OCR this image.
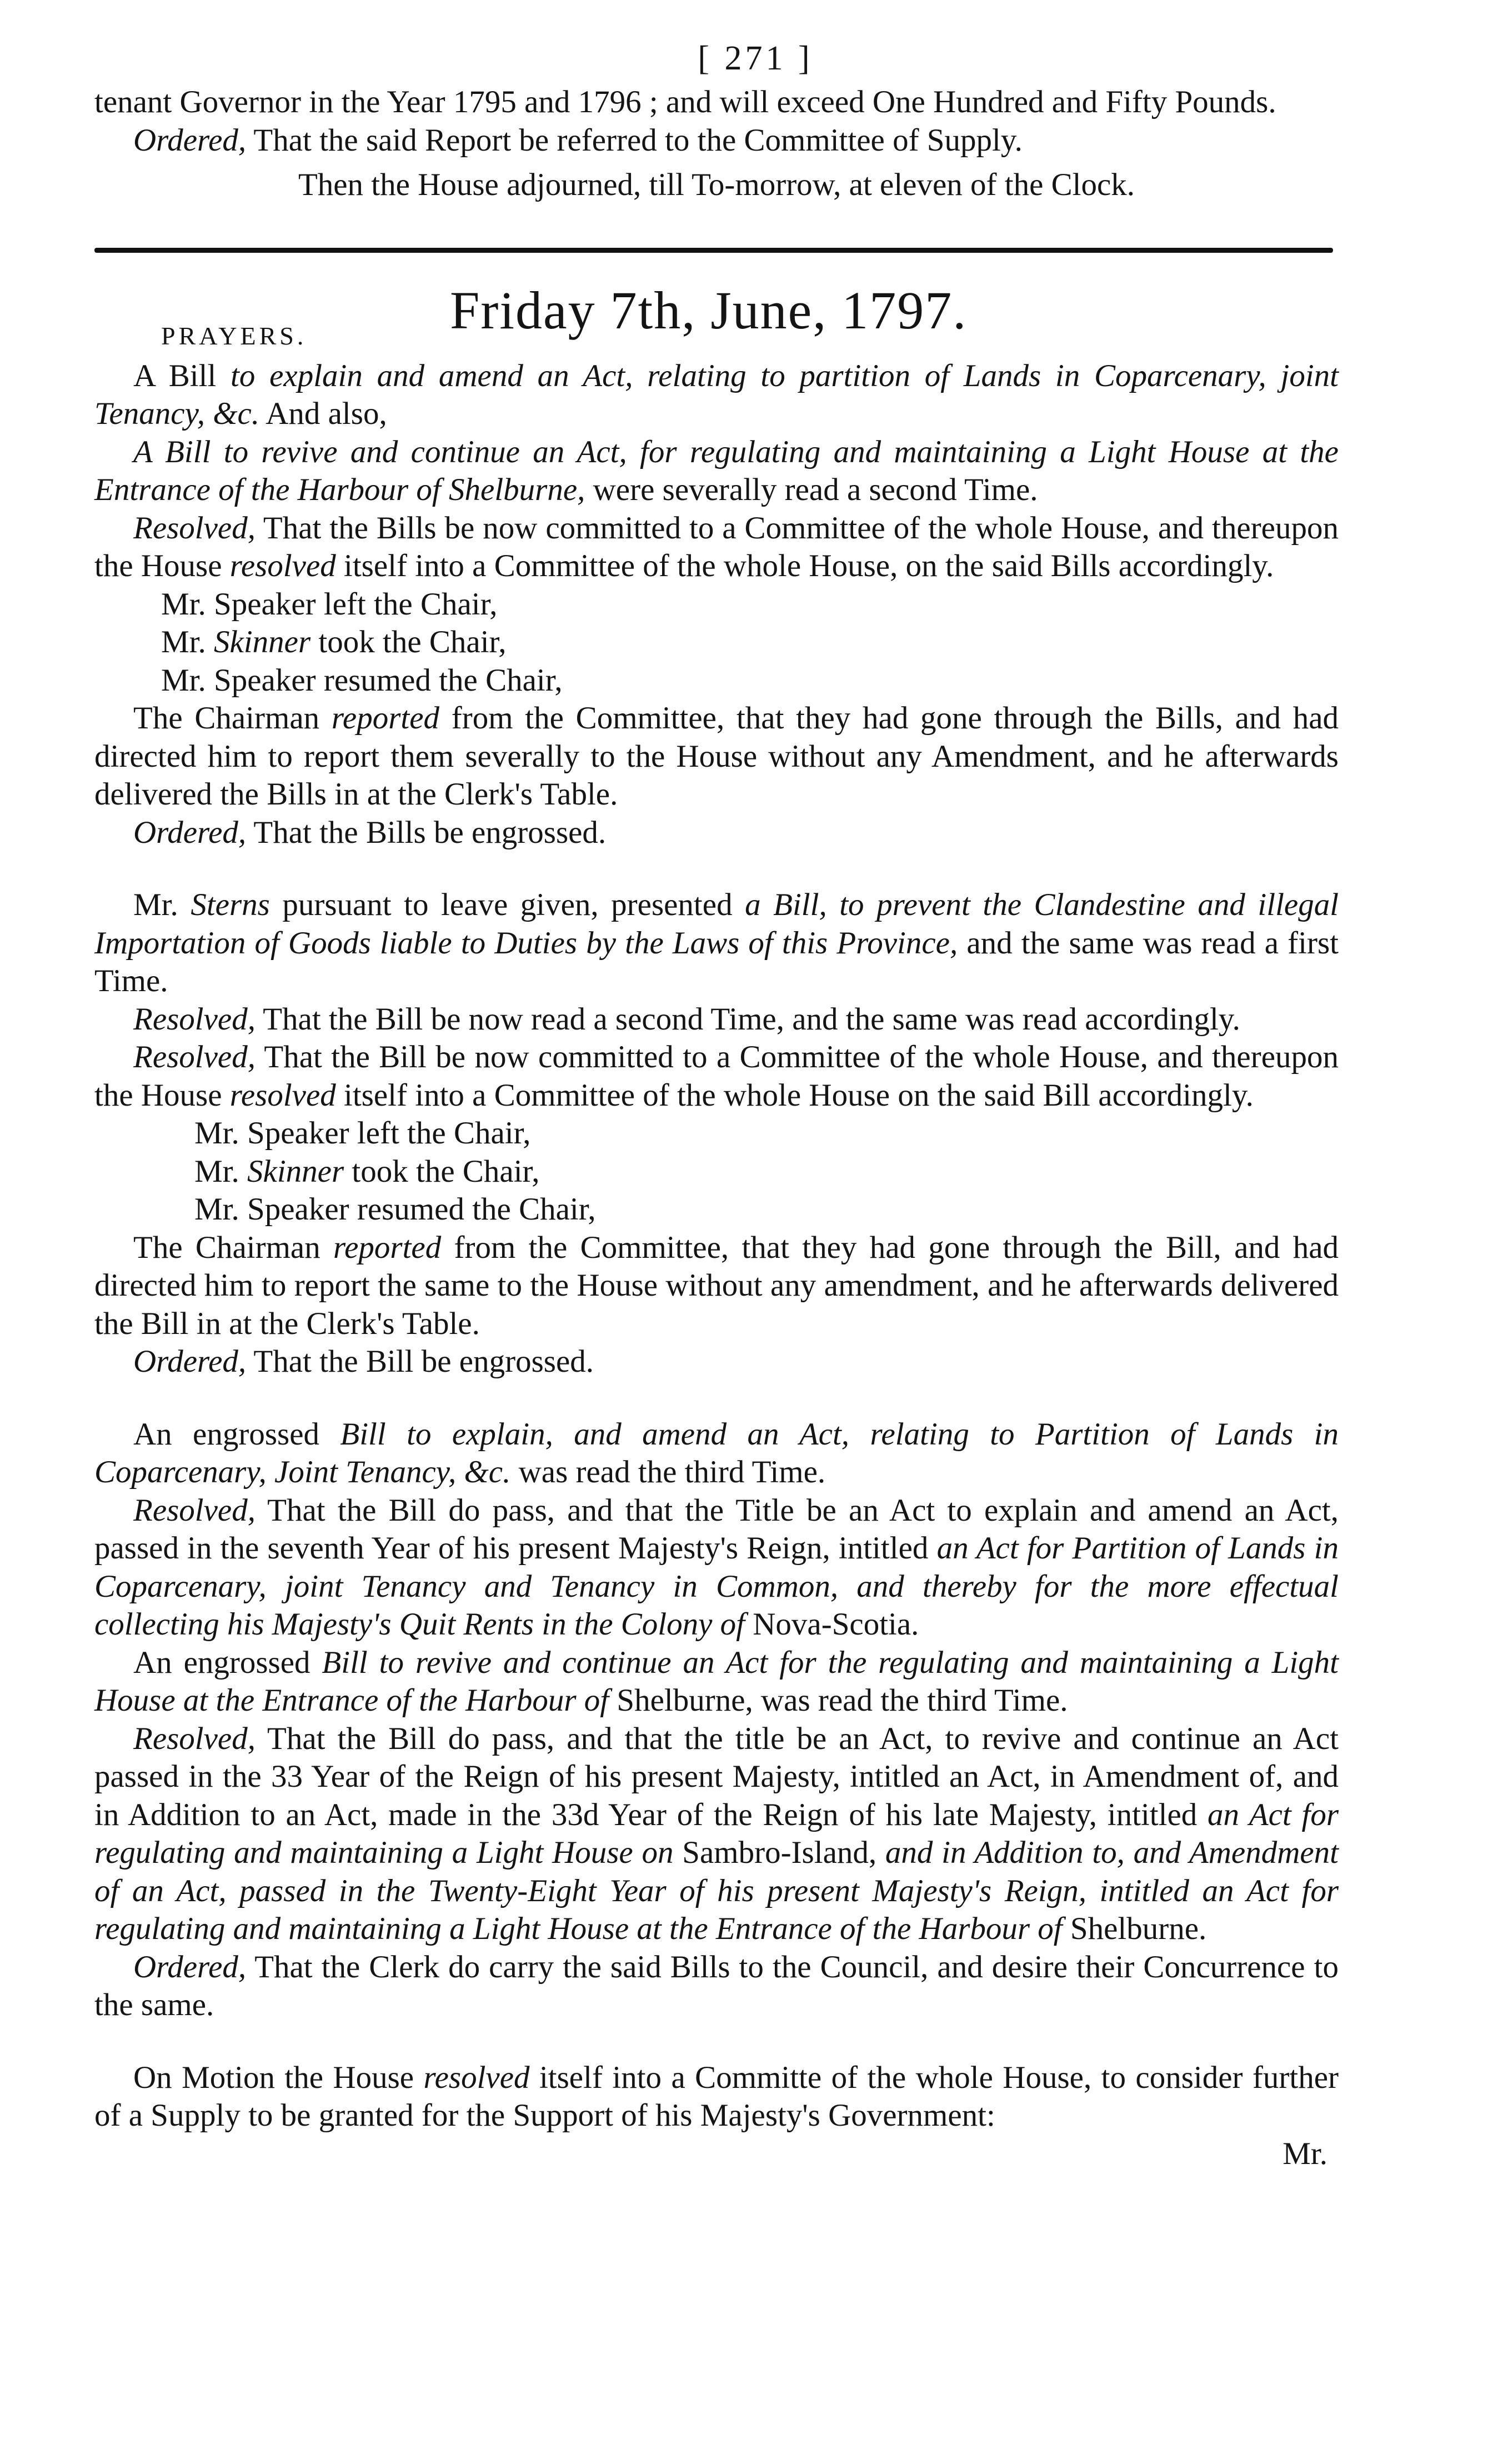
[ 271 ]

tenant Governor in the Year 1795 and 1796 ; and will exceed One Hundred and Fifty Pounds.

Ordered, That the said Report be referred to the Committee of Supply.

Then the House adjourned, till To-morrow, at eleven of the Clock.

Friday 7th, June, 1797.
PRAYERS.

A Bill to explain and amend an Act, relating to partition of Lands in Coparcenary, joint Tenancy, &c. And also,

A Bill to revive and continue an Act, for regulating and maintaining a Light House at the Entrance of the Harbour of Shelburne, were severally read a second Time.

Resolved, That the Bills be now committed to a Committee of the whole House, and thereupon the House resolved itself into a Committee of the whole House, on the said Bills accordingly.

Mr. Speaker left the Chair,

Mr. Skinner took the Chair,

Mr. Speaker resumed the Chair,

The Chairman reported from the Committee, that they had gone through the Bills, and had directed him to report them severally to the House without any Amendment, and he afterwards delivered the Bills in at the Clerk's Table.

Ordered, That the Bills be engrossed.

Mr. Sterns pursuant to leave given, presented a Bill, to prevent the Clandestine and illegal Importation of Goods liable to Duties by the Laws of this Province, and the same was read a first Time.

Resolved, That the Bill be now read a second Time, and the same was read accordingly.

Resolved, That the Bill be now committed to a Committee of the whole House, and thereupon the House resolved itself into a Committee of the whole House on the said Bill accordingly.

Mr. Speaker left the Chair,

Mr. Skinner took the Chair,

Mr. Speaker resumed the Chair,

The Chairman reported from the Committee, that they had gone through the Bill, and had directed him to report the same to the House without any amendment, and he afterwards delivered the Bill in at the Clerk's Table.

Ordered, That the Bill be engrossed.

An engrossed Bill to explain, and amend an Act, relating to Partition of Lands in Coparcenary, Joint Tenancy, &c. was read the third Time.

Resolved, That the Bill do pass, and that the Title be an Act to explain and amend an Act, passed in the seventh Year of his present Majesty's Reign, intitled an Act for Partition of Lands in Coparcenary, joint Tenancy and Tenancy in Common, and thereby for the more effectual collecting his Majesty's Quit Rents in the Colony of Nova-Scotia.

An engrossed Bill to revive and continue an Act for the regulating and maintaining a Light House at the Entrance of the Harbour of Shelburne, was read the third Time.

Resolved, That the Bill do pass, and that the title be an Act, to revive and continue an Act passed in the 33 Year of the Reign of his present Majesty, intitled an Act, in Amendment of, and in Addition to an Act, made in the 33d Year of the Reign of his late Majesty, intitled an Act for regulating and maintaining a Light House on Sambro-Island, and in Addition to, and Amendment of an Act, passed in the Twenty-Eight Year of his present Majesty's Reign, intitled an Act for regulating and maintaining a Light House at the Entrance of the Harbour of Shelburne.

Ordered, That the Clerk do carry the said Bills to the Council, and desire their Concurrence to the same.

On Motion the House resolved itself into a Committe of the whole House, to consider further of a Supply to be granted for the Support of his Majesty's Government:

Mr.
